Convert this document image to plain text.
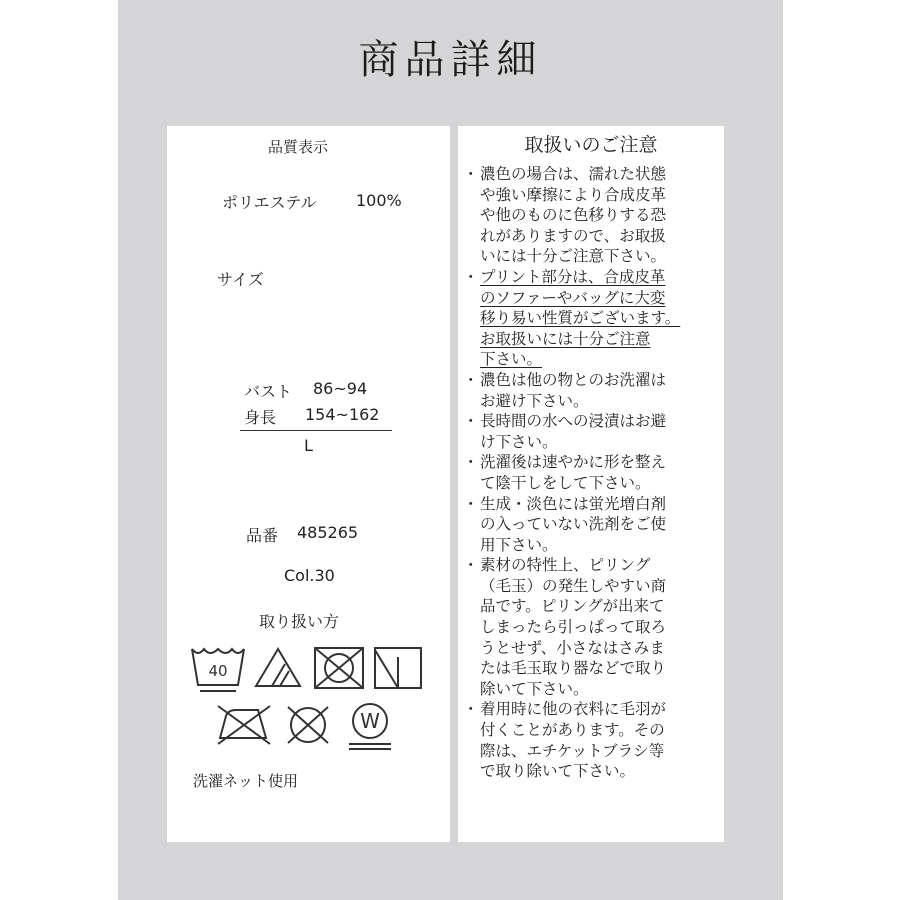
商品詳細
品質表示
ポリエステル 100%
サイズ
バスト 86~94
身長 154~162
L
品番 485265
Col.30
取り扱い方
40
W
洗濯ネット使用
取扱いのご注意
・ 濃色の場合は、濡れた状態
や強い摩擦により合成皮革
や他のものに色移りする恐
れがありますので、お取扱
いには十分ご注意下さい。
・ プリント部分は、合成皮革
のソファーやバッグに大変
移り易い性質がございます。
お取扱いには十分ご注意
下さい。
・ 濃色は他の物とのお洗濯は
お避け下さい。
・ 長時間の水への浸漬はお避
け下さい。
・ 洗濯後は速やかに形を整え
て陰干しをして下さい。
・ 生成・淡色には蛍光増白剤
の入っていない洗剤をご使
用下さい。
・ 素材の特性上、ピリング
（毛玉）の発生しやすい商
品です。ピリングが出来て
しまったら引っぱって取ろ
うとせず、小さなはさみま
たは毛玉取り器などで取り
除いて下さい。
・ 着用時に他の衣料に毛羽が
付くことがあります。その
際は、エチケットブラシ等
で取り除いて下さい。
